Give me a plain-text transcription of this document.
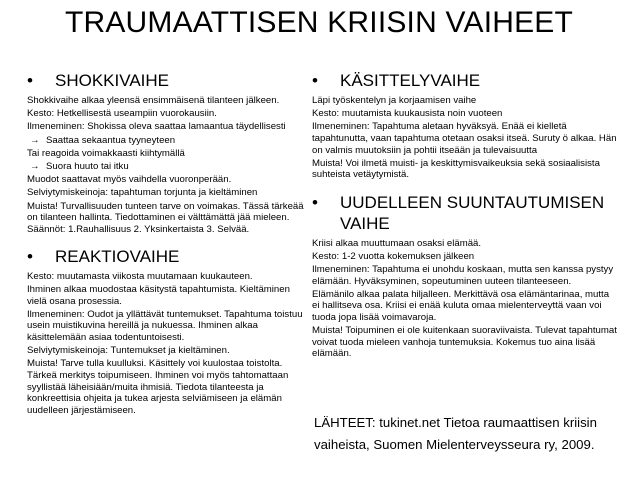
TRAUMAATTISEN KRIISIN VAIHEET
• SHOKKIVAIHE
Shokkivaihe alkaa yleensä ensimmäisenä tilanteen jälkeen.
Kesto: Hetkellisestä useampiin vuorokausiin.
Ilmeneminen: Shokissa oleva saattaa lamaantua täydellisesti
→ Saattaa sekaantua tyyneyteen
Tai reagoida voimakkaasti kiihtymällä
→ Suora huuto tai itku
Muodot saattavat myös vaihdella vuoronperään.
Selviytymiskeinoja: tapahtuman torjunta ja kieltäminen
Muista! Turvallisuuden tunteen tarve on voimakas. Tässä tärkeää on tilanteen hallinta. Tiedottaminen ei välttämättä jää mieleen. Säännöt: 1.Rauhallisuus 2. Yksinkertaista 3. Selvää.
• REAKTIOVAIHE
Kesto: muutamasta viikosta muutamaan kuukauteen.
Ihminen alkaa muodostaa käsitystä tapahtumista. Kieltäminen vielä osana prosessia.
Ilmeneminen: Oudot ja yllättävät tuntemukset. Tapahtuma toistuu usein muistikuvina hereillä ja nukuessa. Ihminen alkaa käsittelemään asiaa todentuntoisesti.
Selviytymiskeinoja: Tuntemukset ja kieltäminen.
Muista! Tarve tulla kuulluksi. Käsittely voi kuulostaa toistolta. Tärkeä merkitys toipumiseen. Ihminen voi myös tahtomattaan syyllistää läheisiään/muita ihmisiä. Tiedota tilanteesta ja konkreettisia ohjeita ja tukea arjesta selviämiseen ja elämän uudelleen järjestämiseen.
• KÄSITTELYVAIHE
Läpi työskentelyn ja korjaamisen vaihe
Kesto: muutamista kuukausista noin vuoteen
Ilmeneminen: Tapahtuma aletaan hyväksyä. Enää ei kielletä tapahtunutta, vaan tapahtuma otetaan osaksi itseä. Suruty ö alkaa. Hän on valmis muutoksiin ja pohtii itseään ja tulevaisuutta
Muista! Voi ilmetä muisti- ja keskittymisvaikeuksia sekä sosiaalisista suhteista vetäytymistä.
• UUDELLEEN SUUNTAUTUMISEN VAIHE
Kriisi alkaa muuttumaan osaksi elämää.
Kesto: 1-2 vuotta kokemuksen jälkeen
Ilmeneminen: Tapahtuma ei unohdu koskaan, mutta sen kanssa pystyy elämään. Hyväksyminen, sopeutuminen uuteen tilanteeseen.
Elämänilo alkaa palata hiljalleen. Merkittävä osa elämäntarinaa, mutta ei hallitseva osa. Kriisi ei enää kuluta omaa mielenterveyttä vaan voi tuoda jopa lisää voimavaroja.
Muista! Toipuminen ei ole kuitenkaan suoraviivaista. Tulevat tapahtumat voivat tuoda mieleen vanhoja tuntemuksia. Kokemus tuo aina lisää elämään.
LÄHTEET: tukinet.net Tietoa raumaattisen kriisin vaiheista, Suomen Mielenterveysseura ry, 2009.
